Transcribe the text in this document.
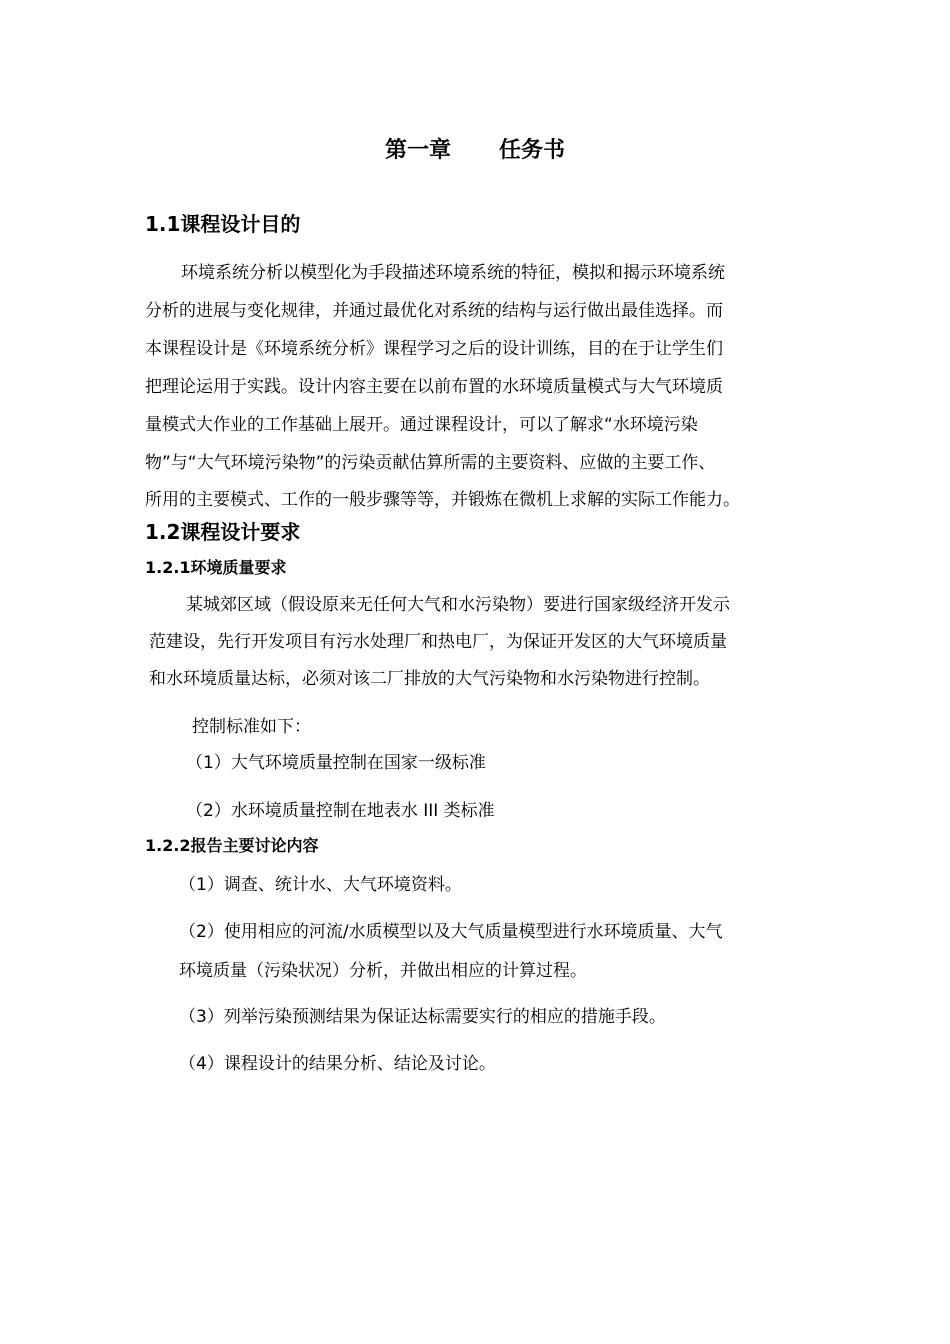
第一章 任务书
1.1课程设计目的
环境系统分析以模型化为手段描述环境系统的特征，模拟和揭示环境系统
分析的进展与变化规律，并通过最优化对系统的结构与运行做出最佳选择。而
本课程设计是《环境系统分析》课程学习之后的设计训练，目的在于让学生们
把理论运用于实践。设计内容主要在以前布置的水环境质量模式与大气环境质
量模式大作业的工作基础上展开。通过课程设计，可以了解求“水环境污染
物”与“大气环境污染物”的污染贡献估算所需的主要资料、应做的主要工作、
所用的主要模式、工作的一般步骤等等，并锻炼在微机上求解的实际工作能力。
1.2课程设计要求
1.2.1环境质量要求
某城郊区域（假设原来无任何大气和水污染物）要进行国家级经济开发示
范建设，先行开发项目有污水处理厂和热电厂，为保证开发区的大气环境质量
和水环境质量达标，必须对该二厂排放的大气污染物和水污染物进行控制。
控制标准如下：
（1）大气环境质量控制在国家一级标准
（2）水环境质量控制在地表水 III 类标准
1.2.2报告主要讨论内容
（1）调查、统计水、大气环境资料。
（2）使用相应的河流/水质模型以及大气质量模型进行水环境质量、大气
环境质量（污染状况）分析，并做出相应的计算过程。
（3）列举污染预测结果为保证达标需要实行的相应的措施手段。
（4）课程设计的结果分析、结论及讨论。
